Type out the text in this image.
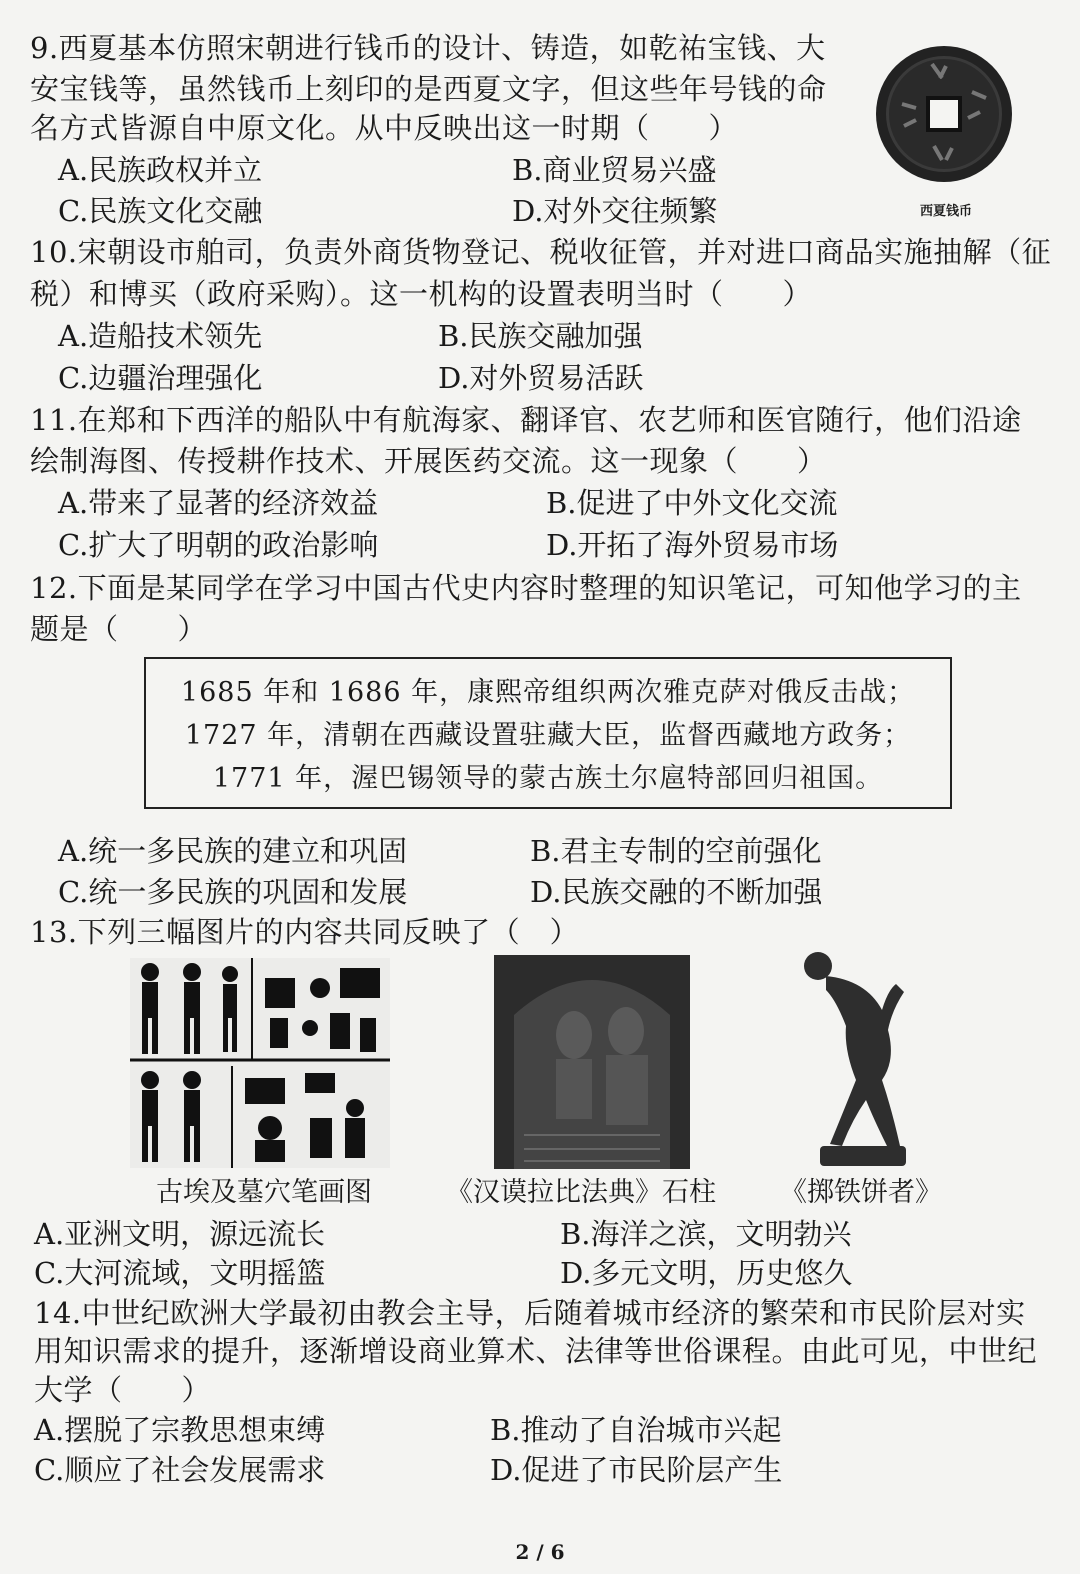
9.西夏基本仿照宋朝进行钱币的设计、铸造，如乾祐宝钱、大
安宝钱等，虽然钱币上刻印的是西夏文字，但这些年号钱的命
名方式皆源自中原文化。从中反映出这一时期（　　）
A.民族政权并立	B.商业贸易兴盛
C.民族文化交融	D.对外交往频繁	西夏钱币
10.宋朝设市舶司，负责外商货物登记、税收征管，并对进口商品实施抽解（征
税）和博买（政府采购）。这一机构的设置表明当时（　　）
A.造船技术领先	B.民族交融加强
C.边疆治理强化	D.对外贸易活跃
11.在郑和下西洋的船队中有航海家、翻译官、农艺师和医官随行，他们沿途
绘制海图、传授耕作技术、开展医药交流。这一现象（　　）
A.带来了显著的经济效益	B.促进了中外文化交流
C.扩大了明朝的政治影响	D.开拓了海外贸易市场
12.下面是某同学在学习中国古代史内容时整理的知识笔记，可知他学习的主
题是（　　）
1685 年和 1686 年，康熙帝组织两次雅克萨对俄反击战；
1727 年，清朝在西藏设置驻藏大臣，监督西藏地方政务；
1771 年，渥巴锡领导的蒙古族土尔扈特部回归祖国。
A.统一多民族的建立和巩固	B.君主专制的空前强化
C.统一多民族的巩固和发展	D.民族交融的不断加强
13.下列三幅图片的内容共同反映了（　）
古埃及墓穴笔画图	《汉谟拉比法典》石柱 《掷铁饼者》
A.亚洲文明，源远流长	B.海洋之滨，文明勃兴
C.大河流域，文明摇篮	D.多元文明，历史悠久
14.中世纪欧洲大学最初由教会主导，后随着城市经济的繁荣和市民阶层对实
用知识需求的提升，逐渐增设商业算术、法律等世俗课程。由此可见，中世纪
大学（　　）
A.摆脱了宗教思想束缚	B.推动了自治城市兴起
C.顺应了社会发展需求	D.促进了市民阶层产生
2 / 6
